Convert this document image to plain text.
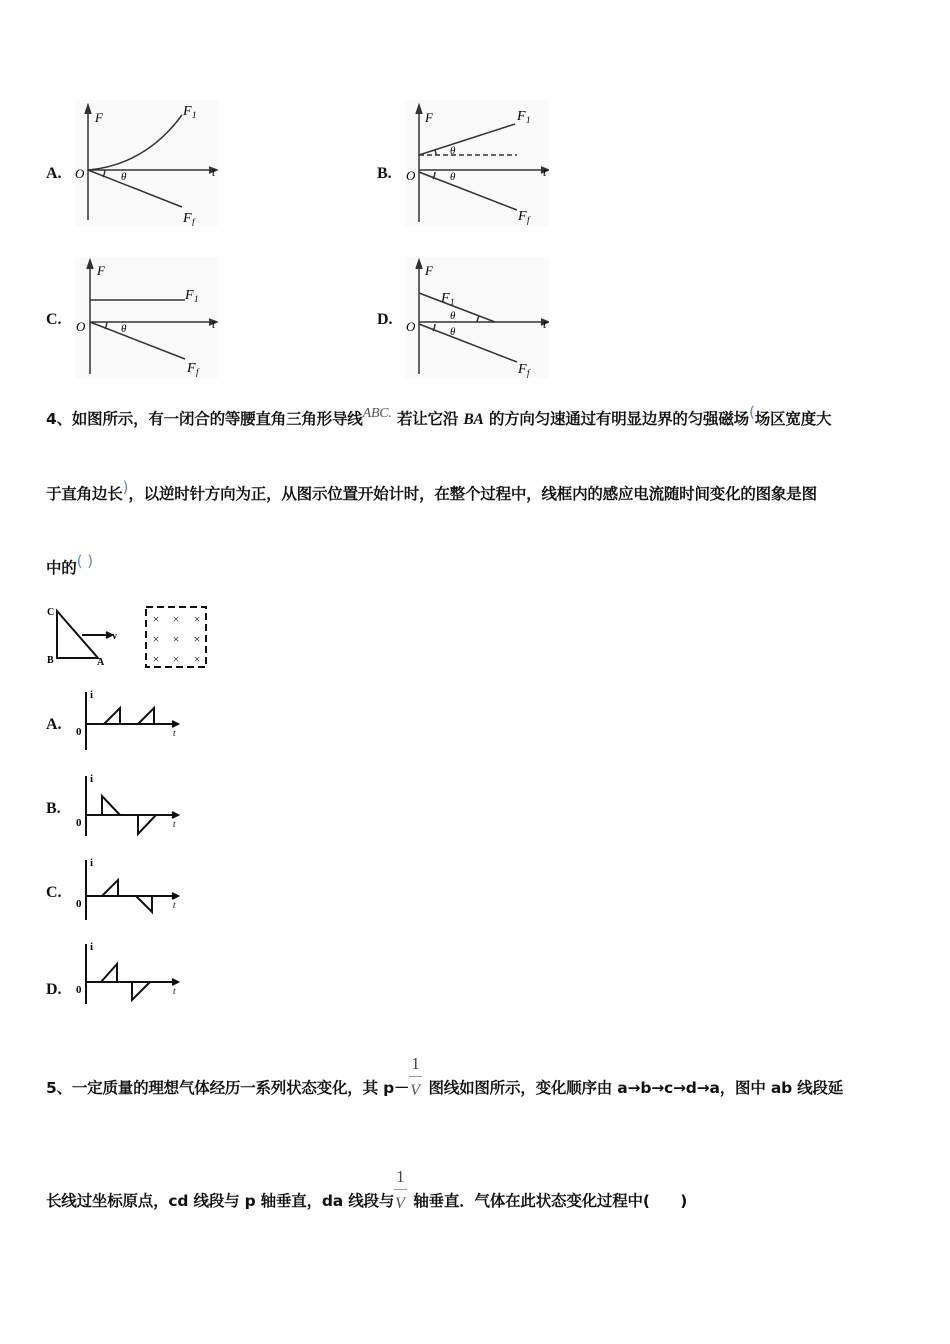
A.	B.
C.	D.
F
O	t
θ
F 1
F f
F
O	t
θ
θ
F 1
F f
F
O	t
θ
F 1
F f
F
O	t
θ
θ
F 1
F f
4、如图所示，有一闭合的等腰直角三角形导线ABC. 若让它沿 BA 的方向匀速通过有明显边界的匀强磁场(场区宽度大
于直角边长)，以逆时针方向为正，从图示位置开始计时，在整个过程中，线框内的感应电流随时间变化的图象是图
中的( )
C
B	A
v
× × ×
× × ×
× × ×
A.
B.
C.
D.
i
0	t
i
0	t
i
0	t
i
0	t
5、一定质量的理想气体经历一系列状态变化，其 $p- \frac{1}{V}$ 图线如图所示，变化顺序由 a→b→c→d→a，图中 ab 线段延
长线过坐标原点，cd 线段与 p 轴垂直，da 线段与 $\frac{1}{V}$ 轴垂直．气体在此状态变化过程中(　　)
